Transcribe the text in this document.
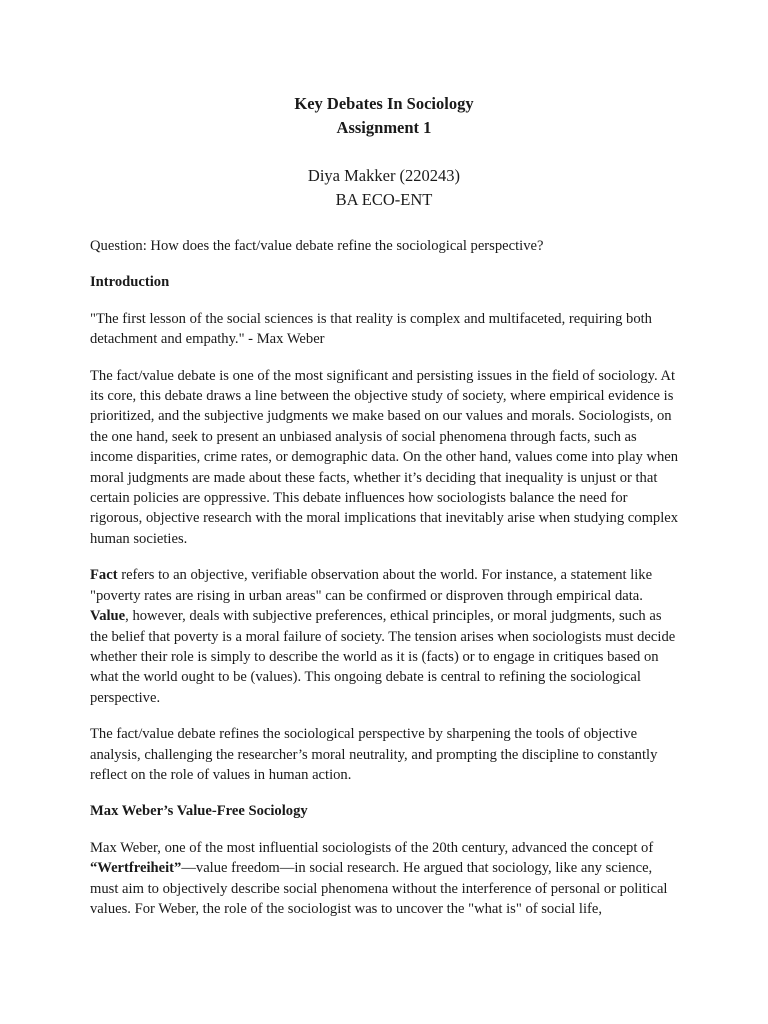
Key Debates In Sociology
Assignment 1
Diya Makker (220243)
BA ECO-ENT

Question: How does the fact/value debate refine the sociological perspective?

Introduction

"The first lesson of the social sciences is that reality is complex and multifaceted, requiring both detachment and empathy." - Max Weber

The fact/value debate is one of the most significant and persisting issues in the field of sociology. At its core, this debate draws a line between the objective study of society, where empirical evidence is prioritized, and the subjective judgments we make based on our values and morals. Sociologists, on the one hand, seek to present an unbiased analysis of social phenomena through facts, such as income disparities, crime rates, or demographic data. On the other hand, values come into play when moral judgments are made about these facts, whether it’s deciding that inequality is unjust or that certain policies are oppressive. This debate influences how sociologists balance the need for rigorous, objective research with the moral implications that inevitably arise when studying complex human societies.

Fact refers to an objective, verifiable observation about the world. For instance, a statement like "poverty rates are rising in urban areas" can be confirmed or disproven through empirical data.
Value, however, deals with subjective preferences, ethical principles, or moral judgments, such as the belief that poverty is a moral failure of society. The tension arises when sociologists must decide whether their role is simply to describe the world as it is (facts) or to engage in critiques based on what the world ought to be (values). This ongoing debate is central to refining the sociological perspective.

The fact/value debate refines the sociological perspective by sharpening the tools of objective analysis, challenging the researcher’s moral neutrality, and prompting the discipline to constantly reflect on the role of values in human action.

Max Weber’s Value-Free Sociology

Max Weber, one of the most influential sociologists of the 20th century, advanced the concept of “Wertfreiheit”—value freedom—in social research. He argued that sociology, like any science, must aim to objectively describe social phenomena without the interference of personal or political values. For Weber, the role of the sociologist was to uncover the "what is" of social life,
